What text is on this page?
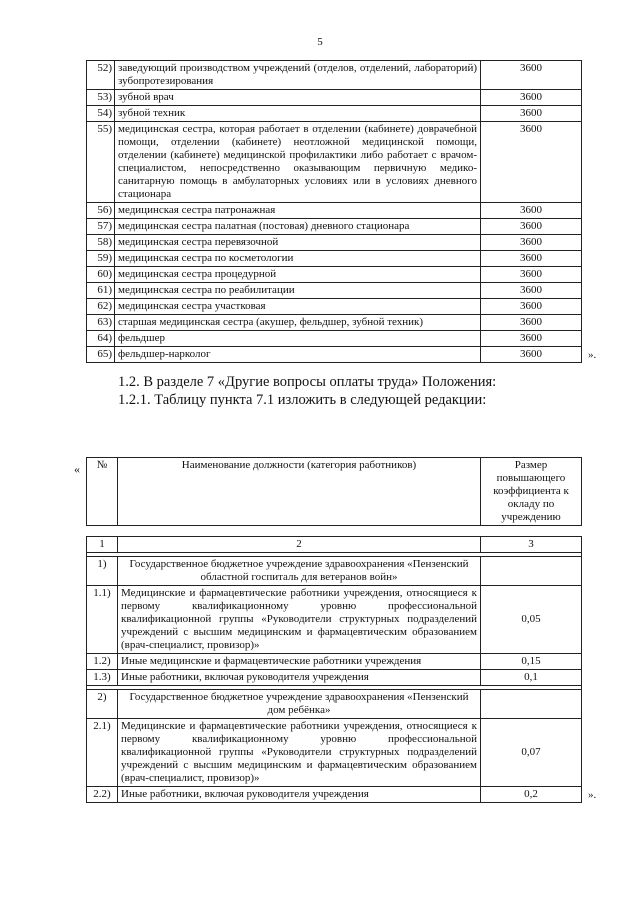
5
52)	заведующий производством учреждений (отделов, отделений, лабораторий) зубопротезирования	3600
53)	зубной врач	3600
54)	зубной техник	3600
55)	медицинская сестра, которая работает в отделении (кабинете) доврачебной помощи, отделении (кабинете) неотложной медицинской помощи, отделении (кабинете) медицинской профилактики либо работает с врачом-специалистом, непосредственно оказывающим первичную медико-санитарную помощь в амбулаторных условиях или в условиях дневного стационара	3600
56)	медицинская сестра патронажная	3600
57)	медицинская сестра палатная (постовая) дневного стационара	3600
58)	медицинская сестра перевязочной	3600
59)	медицинская сестра по косметологии	3600
60)	медицинская сестра процедурной	3600
61)	медицинская сестра по реабилитации	3600
62)	медицинская сестра участковая	3600
63)	старшая медицинская сестра (акушер, фельдшер, зубной техник)	3600
64)	фельдшер	3600
65)	фельдшер-нарколог	3600	».
1.2. В разделе 7 «Другие вопросы оплаты труда» Положения:
1.2.1. Таблицу пункта 7.1 изложить в следующей редакции:
« №	Наименование должности (категория работников)	Размер повышающего коэффициента к окладу по учреждению
1	2	3

1)	Государственное бюджетное учреждение здравоохранения «Пензенский областной госпиталь для ветеранов войн»	
1.1)	Медицинские и фармацевтические работники учреждения, относящиеся к первому квалификационному уровню профессиональной квалификационной группы «Руководители структурных подразделений учреждений с высшим медицинским и фармацевтическим образованием (врач-специалист, провизор)»	0,05
1.2)	Иные медицинские и фармацевтические работники учреждения	0,15
1.3)	Иные работники, включая руководителя учреждения	0,1

2)	Государственное бюджетное учреждение здравоохранения «Пензенский дом ребёнка»	
2.1)	Медицинские и фармацевтические работники учреждения, относящиеся к первому квалификационному уровню профессиональной квалификационной группы «Руководители структурных подразделений учреждений с высшим медицинским и фармацевтическим образованием (врач-специалист, провизор)»	0,07
2.2)	Иные работники, включая руководителя учреждения	0,2	».
